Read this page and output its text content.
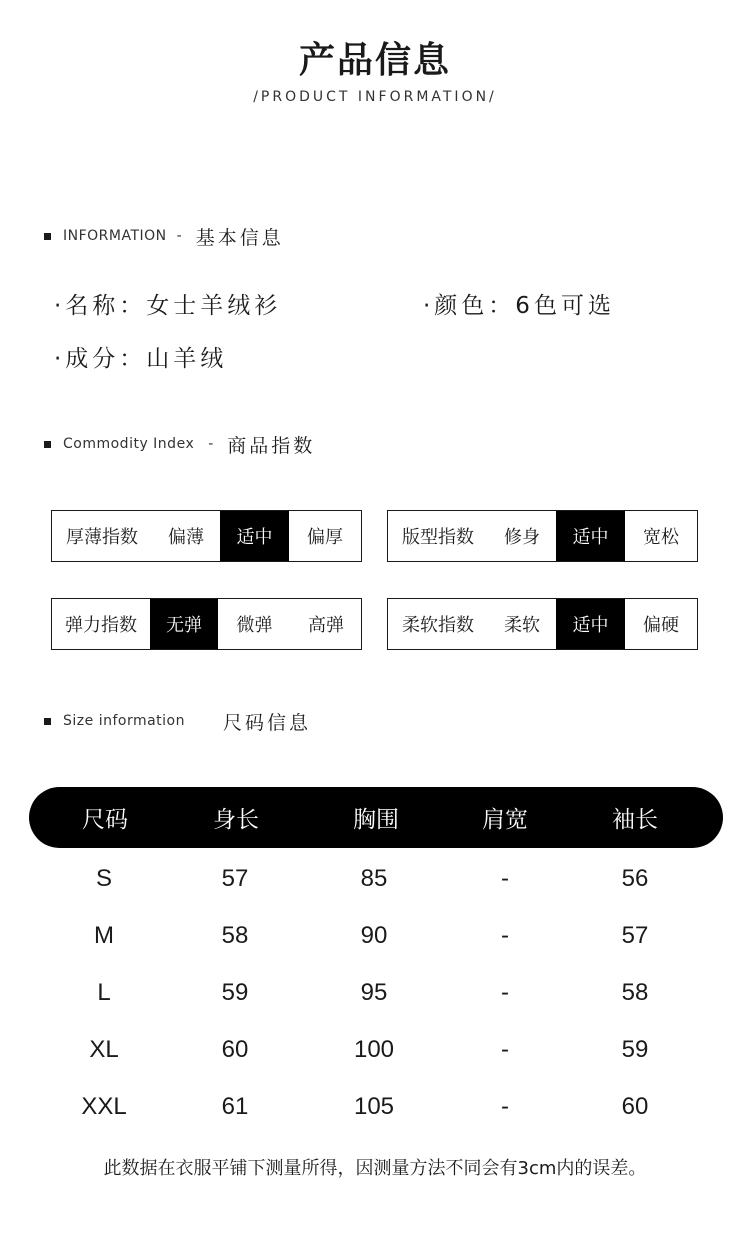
产品信息
/PRODUCT INFORMATION/
INFORMATION - 基本信息
·名称：女士羊绒衫	·颜色：6色可选
·成分：山羊绒
Commodity Index - 商品指数
厚薄指数	偏薄	适中	偏厚	版型指数	修身	适中	宽松
弹力指数	无弹	微弹	高弹	柔软指数	柔软	适中	偏硬
Size information 尺码信息
尺码	身长	胸围	肩宽	袖长
S	57	85	-	56
M	58	90	-	57
L	59	95	-	58
XL	60	100	-	59
XXL	61	105	-	60
此数据在衣服平铺下测量所得，因测量方法不同会有3cm内的误差。
